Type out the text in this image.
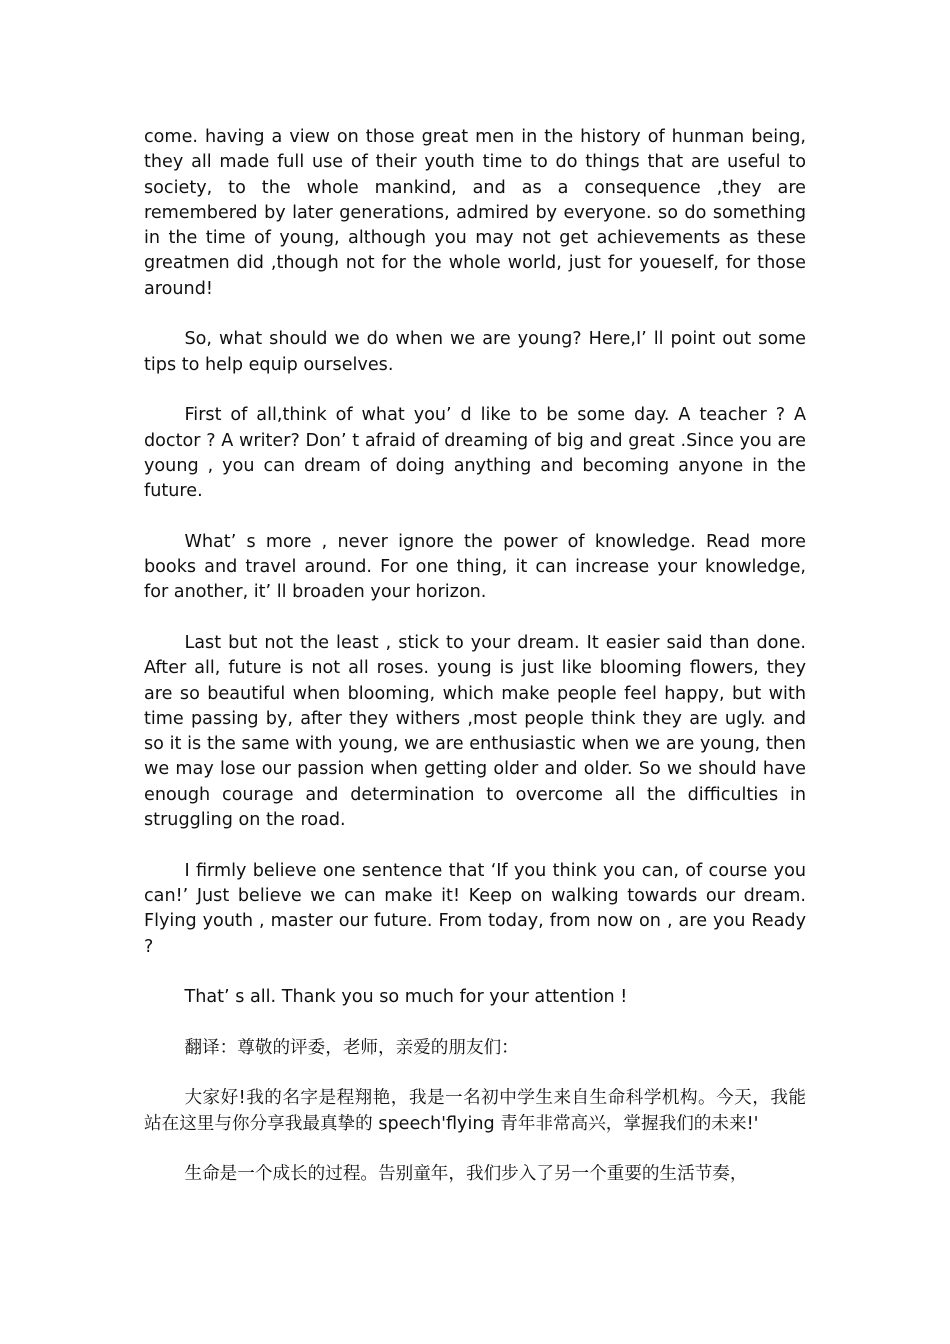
come. having a view on those great men in the history of hunman being, they all made full use of their youth time to do things that are useful to society, to the whole mankind, and as a consequence ,they are remembered by later generations, admired by everyone. so do something in the time of young, although you may not get achievements as these greatmen did ,though not for the whole world, just for youeself, for those around!

So, what should we do when we are young? Here,I’ ll point out some tips to help equip ourselves.

First of all,think of what you’ d like to be some day. A teacher ? A doctor ? A writer? Don’ t afraid of dreaming of big and great .Since you are young , you can dream of doing anything and becoming anyone in the future.

What’ s more , never ignore the power of knowledge. Read more books and travel around. For one thing, it can increase your knowledge, for another, it’ ll broaden your horizon.

Last but not the least , stick to your dream. It easier said than done. After all, future is not all roses. young is just like blooming flowers, they are so beautiful when blooming, which make people feel happy, but with time passing by, after they withers ,most people think they are ugly. and so it is the same with young, we are enthusiastic when we are young, then we may lose our passion when getting older and older. So we should have enough courage and determination to overcome all the difficulties in struggling on the road.

I firmly believe one sentence that ‘If you think you can, of course you can!’ Just believe we can make it! Keep on walking towards our dream. Flying youth , master our future. From today, from now on , are you Ready ?

That’ s all. Thank you so much for your attention !

翻译：尊敬的评委，老师，亲爱的朋友们：

大家好!我的名字是程翔艳，我是一名初中学生来自生命科学机构。今天，我能站在这里与你分享我最真挚的 speech'flying 青年非常高兴，掌握我们的未来!'

生命是一个成长的过程。告别童年，我们步入了另一个重要的生活节奏，
